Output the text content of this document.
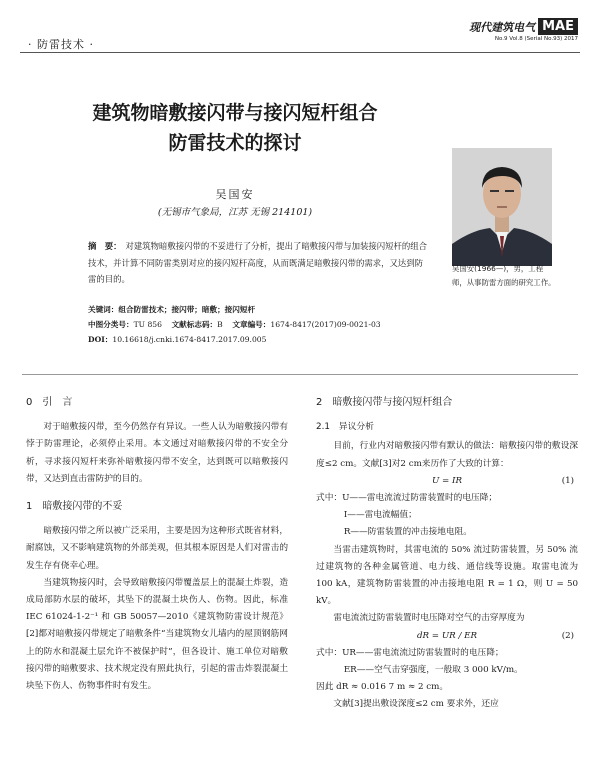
· 防雷技术 ·
现代建筑电气 MAE
No.9 Vol.8 (Serial No.93) 2017
建筑物暗敷接闪带与接闪短杆组合
防雷技术的探讨
吴国安
(无锡市气象局，江苏 无锡 214101)
摘　要： 对建筑物暗敷接闪带的不妥进行了分析，提出了暗敷接闪带与加装接闪短杆的组合技术，并计算不同防雷类别对应的接闪短杆高度，从而既满足暗敷接闪带的需求，又达到防雷的目的。
吴国安(1966—)，男，工程师，从事防雷方面的研究工作。
关键词：组合防雷技术；接闪带；暗敷；接闪短杆
中图分类号：TU 856 文献标志码：B 文章编号：1674-8417(2017)09-0021-03
DOI：10.16618/j.cnki.1674-8417.2017.09.005
0　引　言

对于暗敷接闪带，至今仍然存有异议。一些人认为暗敷接闪带有悖于防雷理论，必须停止采用。本文通过对暗敷接闪带的不安全分析，寻求接闪短杆来弥补暗敷接闪带不安全，达到既可以暗敷接闪带，又达到直击雷防护的目的。

1　暗敷接闪带的不妥

暗敷接闪带之所以被广泛采用，主要是因为这种形式既省材料，耐腐蚀，又不影响建筑物的外部美观，但其根本原因是人们对雷击的发生存有侥幸心理。

当建筑物接闪时，会导致暗敷接闪带覆盖层上的混凝土炸裂，造成局部防水层的破坏，其坠下的混凝土块伤人、伤物。因此，标准 IEC 61024-1-2⁻¹ 和 GB 50057—2010《建筑物防雷设计规范》[2]都对暗敷接闪带规定了暗敷条件“当建筑物女儿墙内的屋顶钢筋网上的防水和混凝土层允许不被保护时”，但各设计、施工单位对暗敷接闪带的暗敷要求、技术规定没有照此执行，引起的雷击炸裂混凝土块坠下伤人、伤物事件时有发生。

2　暗敷接闪带与接闪短杆组合
2.1　异议分析

目前，行业内对暗敷接闪带有默认的做法：暗敷接闪带的敷设深度≤2 cm。文献[3]对2 cm来历作了大致的计算：

U = IR	(1)
式中：U——雷电流流过防雷装置时的电压降；
I——雷电流幅值；
R——防雷装置的冲击接地电阻。

当雷击建筑物时，其雷电流的 50% 流过防雷装置，另 50% 流过建筑物的各种金属管道、电力线、通信线等设施。取雷电流为 100 kA，建筑物防雷装置的冲击接地电阻 R = 1 Ω，则 U = 50 kV。

雷电流流过防雷装置时电压降对空气的击穿厚度为

dR = UR / ER	(2)
式中：UR——雷电流流过防雷装置时的电压降；
ER——空气击穿强度，一般取 3 000 kV/m。
因此 dR ≈ 0.016 7 m ≈ 2 cm。

文献[3]提出敷设深度≤2 cm 要求外，还应
